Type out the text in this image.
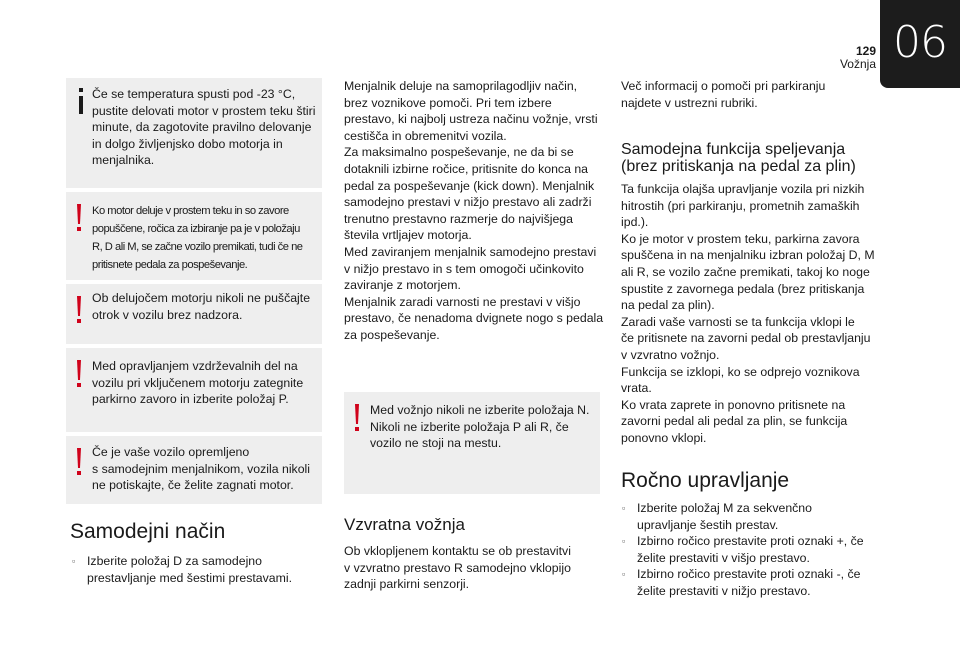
06
129
Vožnja
Če se temperatura spusti pod -23 °C,
pustite delovati motor v prostem teku štiri
minute, da zagotovite pravilno delovanje
in dolgo življenjsko dobo motorja in
menjalnika.
Ko motor deluje v prostem teku in so zavore
popuščene, ročica za izbiranje pa je v položaju
R, D ali M, se začne vozilo premikati, tudi če ne
pritisnete pedala za pospeševanje.
Ob delujočem motorju nikoli ne puščajte
otrok v vozilu brez nadzora.
Med opravljanjem vzdrževalnih del na
vozilu pri vključenem motorju zategnite
parkirno zavoro in izberite položaj P.
Če je vaše vozilo opremljeno
s samodejnim menjalnikom, vozila nikoli
ne potiskajte, če želite zagnati motor.
Samodejni način
▫ Izberite položaj D za samodejno
prestavljanje med šestimi prestavami.
Menjalnik deluje na samoprilagodljiv način,
brez voznikove pomoči. Pri tem izbere
prestavo, ki najbolj ustreza načinu vožnje, vrsti
cestišča in obremenitvi vozila.
Za maksimalno pospeševanje, ne da bi se
dotaknili izbirne ročice, pritisnite do konca na
pedal za pospeševanje (kick down). Menjalnik
samodejno prestavi v nižjo prestavo ali zadrži
trenutno prestavno razmerje do najvišjega
števila vrtljajev motorja.
Med zaviranjem menjalnik samodejno prestavi
v nižjo prestavo in s tem omogoči učinkovito
zaviranje z motorjem.
Menjalnik zaradi varnosti ne prestavi v višjo
prestavo, če nenadoma dvignete nogo s pedala
za pospeševanje.
Med vožnjo nikoli ne izberite položaja N.
Nikoli ne izberite položaja P ali R, če
vozilo ne stoji na mestu.
Vzvratna vožnja
Ob vklopljenem kontaktu se ob prestavitvi
v vzvratno prestavo R samodejno vklopijo
zadnji parkirni senzorji.
Več informacij o pomoči pri parkiranju
najdete v ustrezni rubriki.
Samodejna funkcija speljevanja
(brez pritiskanja na pedal za plin)
Ta funkcija olajša upravljanje vozila pri nizkih
hitrostih (pri parkiranju, prometnih zamaških
ipd.).
Ko je motor v prostem teku, parkirna zavora
spuščena in na menjalniku izbran položaj D, M
ali R, se vozilo začne premikati, takoj ko noge
spustite z zavornega pedala (brez pritiskanja
na pedal za plin).
Zaradi vaše varnosti se ta funkcija vklopi le
če pritisnete na zavorni pedal ob prestavljanju
v vzvratno vožnjo.
Funkcija se izklopi, ko se odprejo voznikova
vrata.
Ko vrata zaprete in ponovno pritisnete na
zavorni pedal ali pedal za plin, se funkcija
ponovno vklopi.
Ročno upravljanje
▫ Izberite položaj M za sekvenčno
upravljanje šestih prestav.
▫ Izbirno ročico prestavite proti oznaki +, če
želite prestaviti v višjo prestavo.
▫ Izbirno ročico prestavite proti oznaki -, če
želite prestaviti v nižjo prestavo.
